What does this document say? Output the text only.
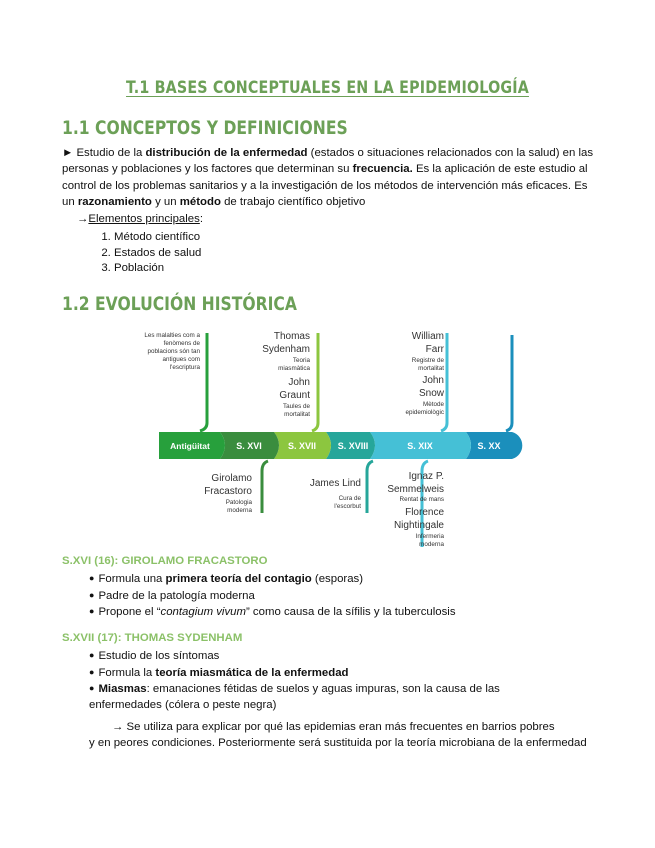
T.1 BASES CONCEPTUALES EN LA EPIDEMIOLOGÍA
1.1 CONCEPTOS Y DEFINICIONES

► Estudio de la distribución de la enfermedad (estados o situaciones relacionados con la salud) en las personas y poblaciones y los factores que determinan su frecuencia. Es la aplicación de este estudio al control de los problemas sanitarios y a la investigación de los métodos de intervención más eficaces. Es un razonamiento y un método de trabajo científico objetivo

→Elementos principales:

1. Método científico
2. Estados de salud
3. Población
1.2 EVOLUCIÓN HISTÓRICA
Antigüitat	S. XVI	S. XVII S. XVIII	S. XIX	S. XX
Les malalties com a
fenòmens de
poblacions són tan
antigues com
l'escriptura
Thomas
Sydenham
Teoria
miasmàtica
John
Graunt
Taules de
mortalitat
William
Farr
Registre de
mortalitat
John
Snow
Mètode
epidemiològic
Girolamo
Fracastoro
Patologia
moderna
James Lind
Cura de
l'escorbut
Ignaz P.
Semmelweis
Rentat de mans
Florence
Nightingale
Infermeria
moderna
S.XVI (16): GIROLAMO FRACASTORO
● Formula una primera teoría del contagio (esporas)
● Padre de la patología moderna
● Propone el “contagium vivum” como causa de la sífilis y la tuberculosis
S.XVII (17): THOMAS SYDENHAM
● Estudio de los síntomas
● Formula la teoría miasmática de la enfermedad
● Miasmas: emanaciones fétidas de suelos y aguas impuras, son la causa de las enfermedades (cólera o peste negra)

→ Se utiliza para explicar por qué las epidemias eran más frecuentes en barrios pobres

y en peores condiciones. Posteriormente será sustituida por la teoría microbiana de la enfermedad
